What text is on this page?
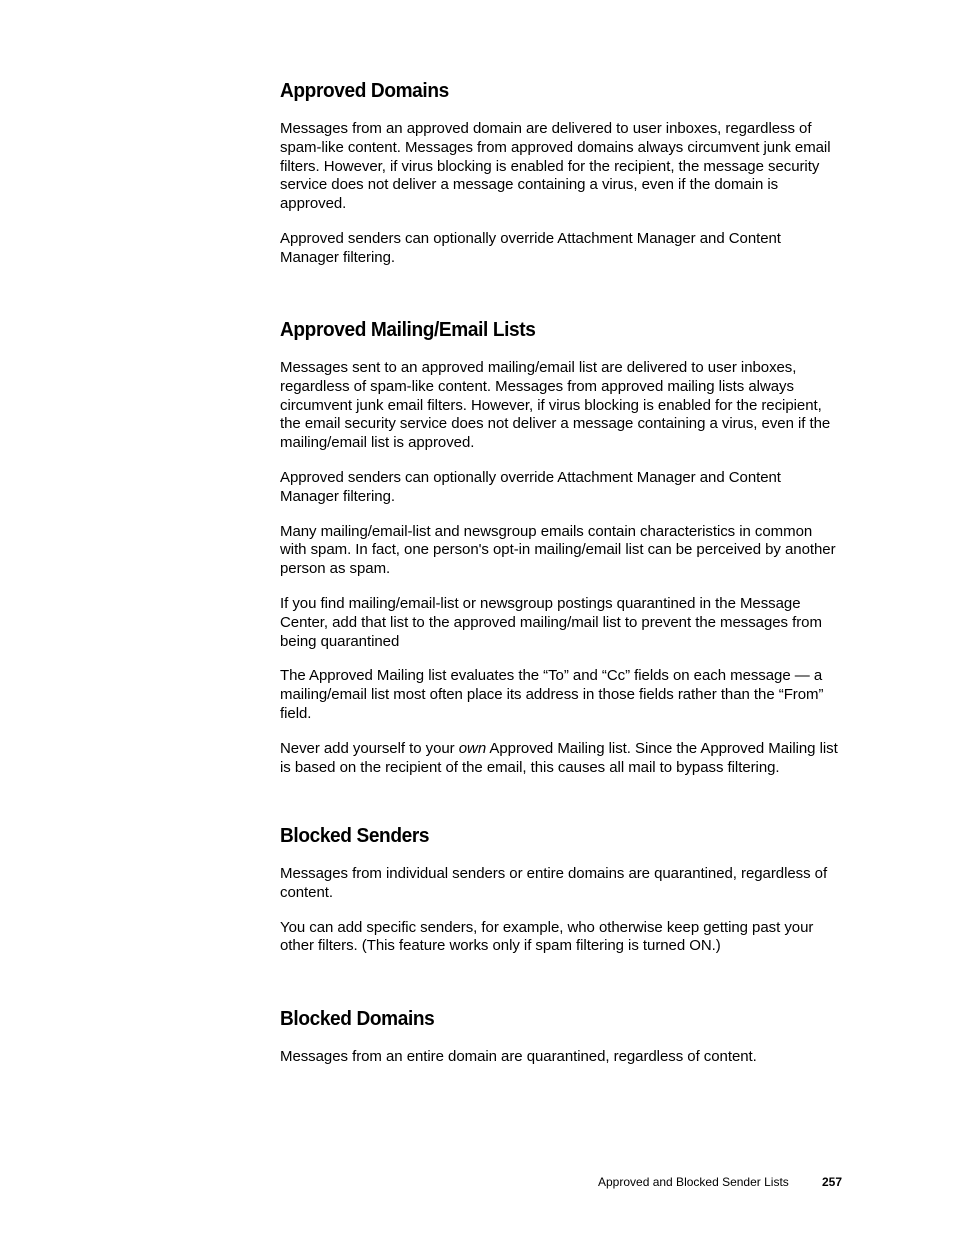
Approved Domains

Messages from an approved domain are delivered to user inboxes, regardless of spam-like content. Messages from approved domains always circumvent junk email filters. However, if virus blocking is enabled for the recipient, the message security service does not deliver a message containing a virus, even if the domain is approved.

Approved senders can optionally override Attachment Manager and Content Manager filtering.

Approved Mailing/Email Lists

Messages sent to an approved mailing/email list are delivered to user inboxes, regardless of spam-like content. Messages from approved mailing lists always circumvent junk email filters. However, if virus blocking is enabled for the recipient, the email security service does not deliver a message containing a virus, even if the mailing/email list is approved.

Approved senders can optionally override Attachment Manager and Content Manager filtering.

Many mailing/email-list and newsgroup emails contain characteristics in common with spam. In fact, one person's opt-in mailing/email list can be perceived by another person as spam.

If you find mailing/email-list or newsgroup postings quarantined in the Message Center, add that list to the approved mailing/mail list to prevent the messages from being quarantined

The Approved Mailing list evaluates the “To” and “Cc” fields on each message — a mailing/email list most often place its address in those fields rather than the “From” field.

Never add yourself to your own Approved Mailing list. Since the Approved Mailing list is based on the recipient of the email, this causes all mail to bypass filtering.

Blocked Senders

Messages from individual senders or entire domains are quarantined, regardless of content.

You can add specific senders, for example, who otherwise keep getting past your other filters. (This feature works only if spam filtering is turned ON.)

Blocked Domains

Messages from an entire domain are quarantined, regardless of content.

Approved and Blocked Sender Lists	257
